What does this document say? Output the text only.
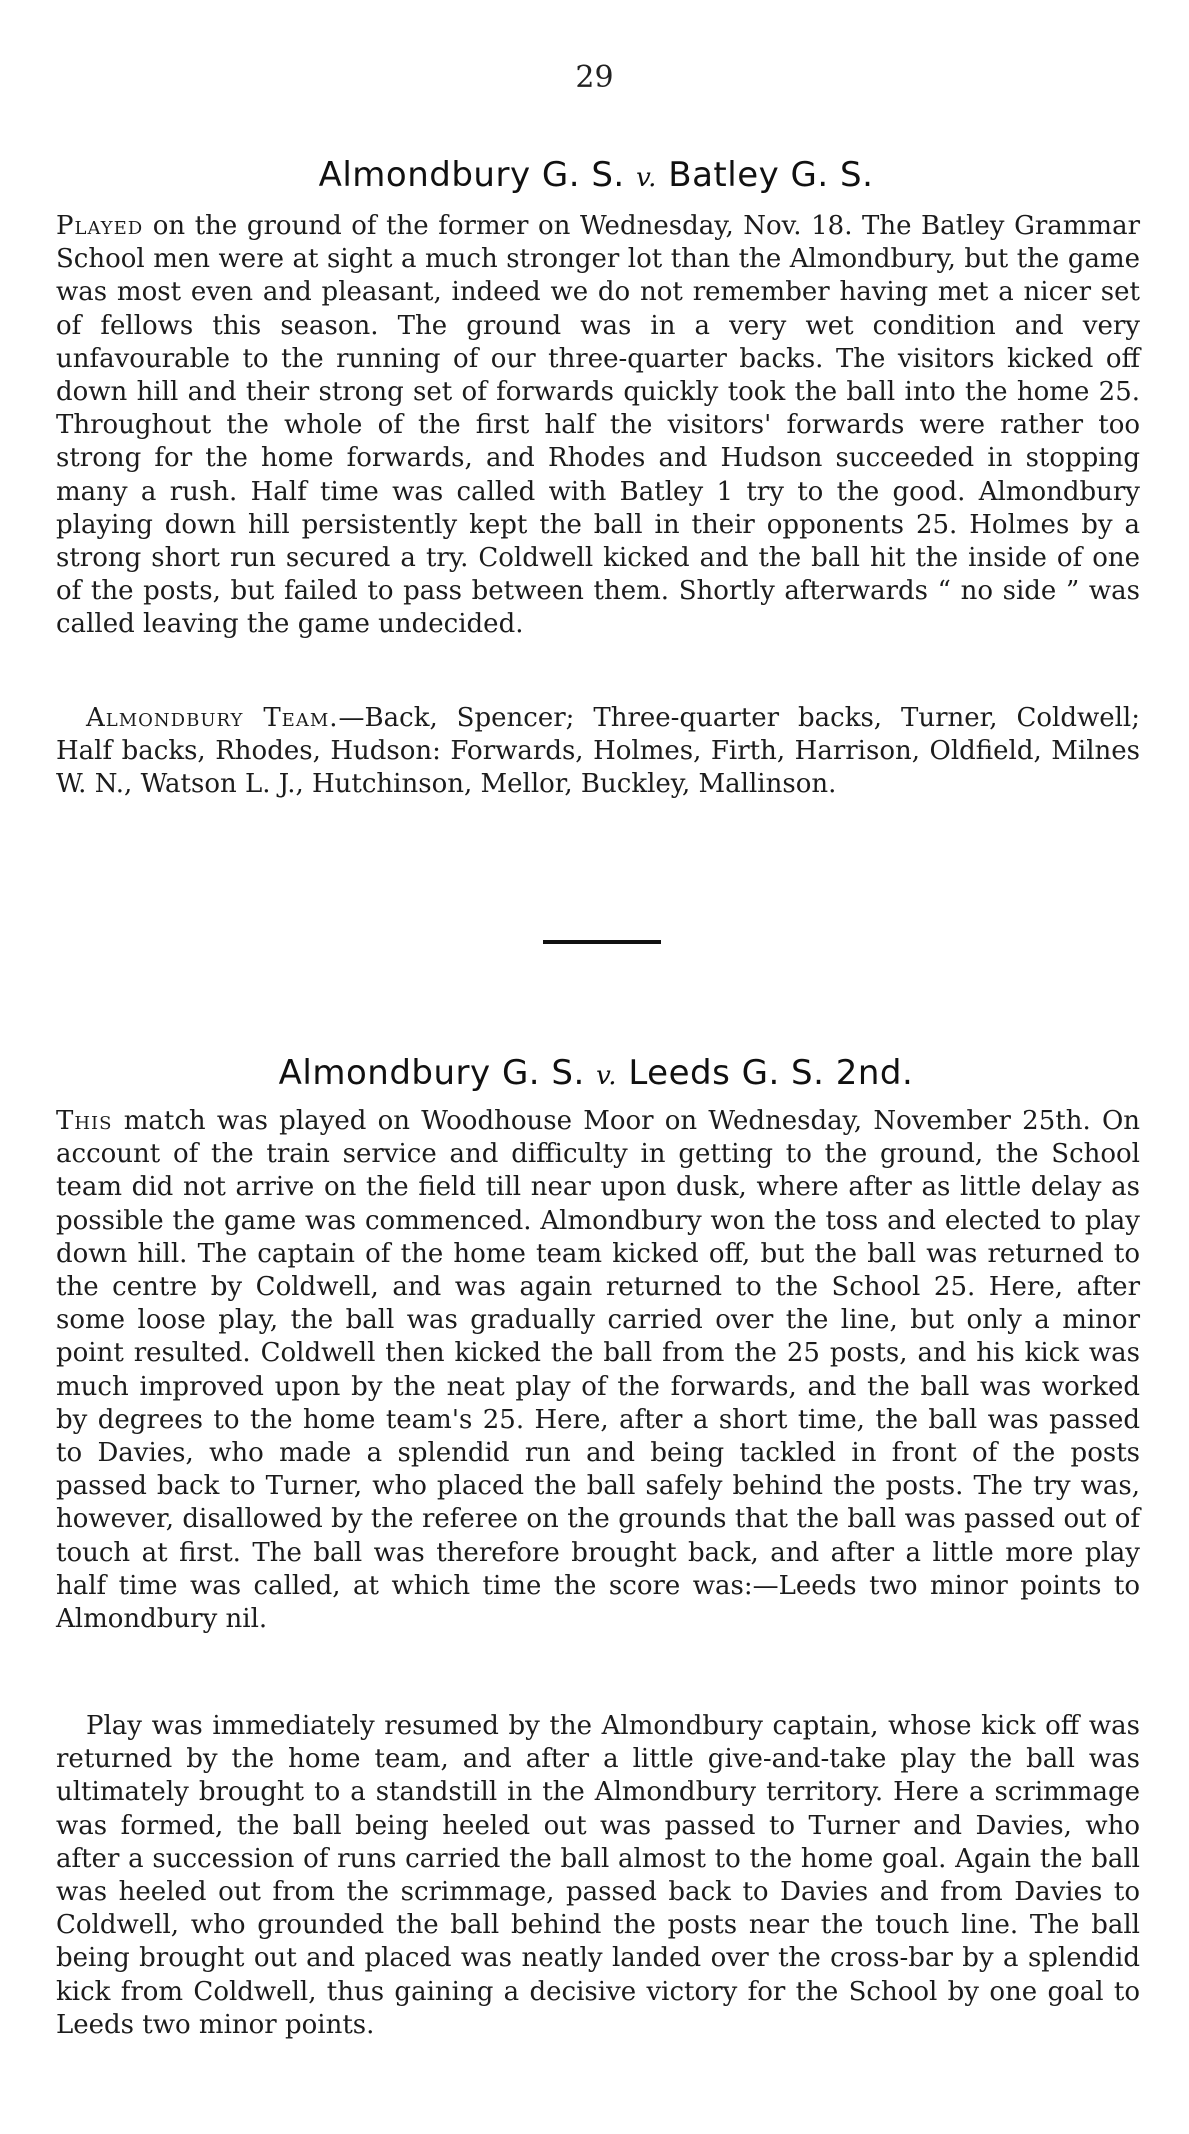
29
Almondbury G. S. v. Batley G. S.

Played on the ground of the former on Wednesday, Nov. 18. The Batley Grammar School men were at sight a much stronger lot than the Almondbury, but the game was most even and pleasant, indeed we do not remember having met a nicer set of fellows this season. The ground was in a very wet condition and very unfavourable to the running of our three-quarter backs. The visitors kicked off down hill and their strong set of forwards quickly took the ball into the home 25. Throughout the whole of the first half the visitors' forwards were rather too strong for the home forwards, and Rhodes and Hudson succeeded in stopping many a rush. Half time was called with Batley 1 try to the good. Almondbury playing down hill persistently kept the ball in their opponents 25. Holmes by a strong short run secured a try. Coldwell kicked and the ball hit the inside of one of the posts, but failed to pass between them. Shortly afterwards “ no side ” was called leaving the game undecided.

Almondbury Team.—Back, Spencer; Three-quarter backs, Turner, Coldwell; Half backs, Rhodes, Hudson: Forwards, Holmes, Firth, Harrison, Oldfield, Milnes W. N., Watson L. J., Hutchinson, Mellor, Buckley, Mallinson.

Almondbury G. S. v. Leeds G. S. 2nd.

This match was played on Woodhouse Moor on Wednesday, November 25th. On account of the train service and difficulty in getting to the ground, the School team did not arrive on the field till near upon dusk, where after as little delay as possible the game was commenced. Almondbury won the toss and elected to play down hill. The captain of the home team kicked off, but the ball was returned to the centre by Coldwell, and was again returned to the School 25. Here, after some loose play, the ball was gradually carried over the line, but only a minor point resulted. Coldwell then kicked the ball from the 25 posts, and his kick was much improved upon by the neat play of the forwards, and the ball was worked by degrees to the home team's 25. Here, after a short time, the ball was passed to Davies, who made a splendid run and being tackled in front of the posts passed back to Turner, who placed the ball safely behind the posts. The try was, however, disallowed by the referee on the grounds that the ball was passed out of touch at first. The ball was therefore brought back, and after a little more play half time was called, at which time the score was:—Leeds two minor points to Almondbury nil.

Play was immediately resumed by the Almondbury captain, whose kick off was returned by the home team, and after a little give-and-take play the ball was ultimately brought to a standstill in the Almondbury territory. Here a scrimmage was formed, the ball being heeled out was passed to Turner and Davies, who after a succession of runs carried the ball almost to the home goal. Again the ball was heeled out from the scrimmage, passed back to Davies and from Davies to Coldwell, who grounded the ball behind the posts near the touch line. The ball being brought out and placed was neatly landed over the cross-bar by a splendid kick from Coldwell, thus gaining a decisive victory for the School by one goal to Leeds two minor points.
